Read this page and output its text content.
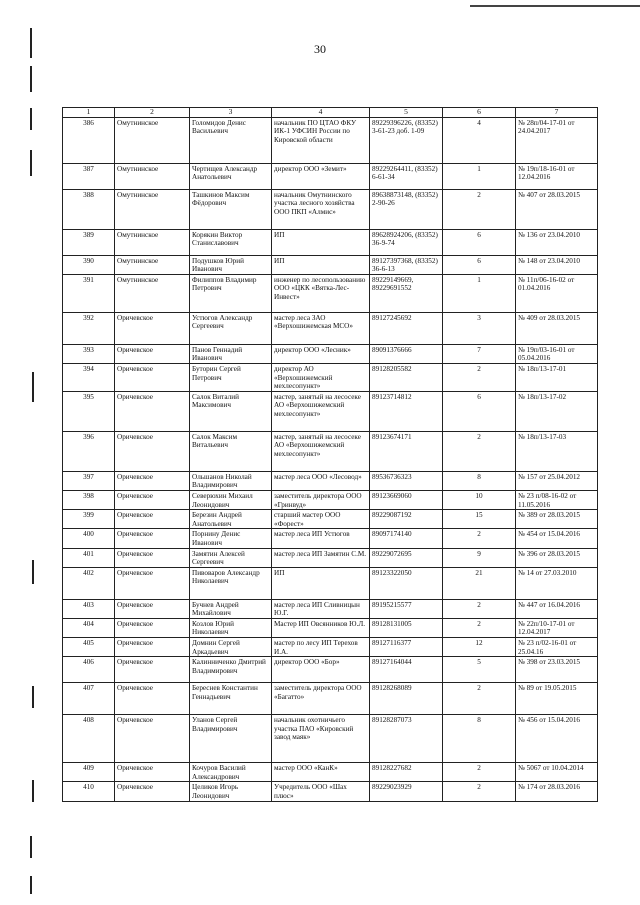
30
1	2	3	4	5	6	7
386	Омутнинское	Голомидов Денис Васильевич	начальник ПО ЦТАО ФКУ ИК-1 УФСИН России по Кировской области	89229396226, (83352) 3-61-23 доб. 1-09	4	№ 28п/04-17-01 от 24.04.2017
387	Омутнинское	Чертищев Александр Анатольевич	директор ООО «Земит»	89229264411, (83352) 6-61-34	1	№ 19п/18-16-01 от 12.04.2016
388	Омутнинское	Ташкинов Максим Фёдорович	начальник Омутнинского участка лесного хозяйства ООО ПКП «Алмис»	89638873148, (83352) 2-90-26	2	№ 407 от 28.03.2015
389	Омутнинское	Корякин Виктор Станиславович	ИП	89628924206, (83352) 36-9-74	6	№ 136 от 23.04.2010
390	Омутнинское	Подушков Юрий Иванович	ИП	89127397368, (83352) 36-6-13	6	№ 148 от 23.04.2010
391	Омутнинское	Филиппов Владимир Петрович	инженер по лесопользованию ООО «ЦКК «Вятка-Лес-Инвест»	89229149669, 89229691552	1	№ 11п/06-16-02 от 01.04.2016
392	Оричевское	Устюгов Александр Сергеевич	мастер леса ЗАО «Верхошижемская МСО»	89127245692	3	№ 409 от 28.03.2015
393	Оричевское	Панов Геннадий Иванович	директор ООО «Лесник»	89091376666	7	№ 19п/03-16-01 от 05.04.2016
394	Оричевское	Буторин Сергей Петрович	директор АО «Верхошижемский мехлесопункт»	89128205582	2	№ 18п/13-17-01
395	Оричевское	Салок Виталий Максимович	мастер, занятый на лесосеке АО «Верхошижемский мехлесопункт»	89123714812	6	№ 18п/13-17-02
396	Оричевское	Салок Максим Витальевич	мастер, занятый на лесосеке АО «Верхошижемский мехлесопункт»	89123674171	2	№ 18п/13-17-03
397	Оричевское	Ольшанов Николай Владимирович	мастер леса ООО «Лесовод»	89536736323	8	№ 157 от 25.04.2012
398	Оричевское	Северюхин Михаил Леонидович	заместитель директора ООО «Гринвуд»	89123669060	10	№ 23 п/08-16-02 от 11.05.2016
399	Оричевское	Березин Андрей Анатольевич	старший мастер ООО «Форест»	89229087192	15	№ 389 от 28.03.2015
400	Оричевское	Порнину Денис Иванович	мастер леса ИП Устюгов	89097174140	2	№ 454 от 15.04.2016
401	Оричевское	Замятин Алексей Сергеевич	мастер леса ИП Замятин С.М.	89229072695	9	№ 396 от 28.03.2015
402	Оричевское	Пивоваров Александр Николаевич	ИП	89123322050	21	№ 14 от 27.03.2010
403	Оричевское	Бучнев Андрей Михайлович	мастер леса ИП Сливницын Ю.Г.	89195215577	2	№ 447 от 16.04.2016
404	Оричевское	Козлов Юрий Николаевич	Мастер ИП Овсянников Ю.Л.	89128131005	2	№ 22п/10-17-01 от 12.04.2017
405	Оричевское	Домнин Сергей Аркадьевич	мастер по лесу ИП Терехов И.А.	89127116377	12	№ 23 п/02-16-01 от 25.04.16
406	Оричевское	Калинниченко Дмитрий Владимирович	директор ООО «Бор»	89127164044	5	№ 398 от 23.03.2015
407	Оричевское	Береснев Константин Геннадьевич	заместитель директора ООО «Багатто»	89128268089	2	№ 89 от 19.05.2015
408	Оричевское	Уланов Сергей Владимирович	начальник охотничьего участка ПАО «Кировский завод маяк»	89128287073	8	№ 456 от 15.04.2016
409	Оричевское	Кочуров Василий Александрович	мастер ООО «КанК»	89128227682	2	№ 5067 от 10.04.2014
410	Оричевское	Целиков Игорь Леонидович	Учредитель ООО «Шах плюс»	89229023929	2	№ 174 от 28.03.2016
